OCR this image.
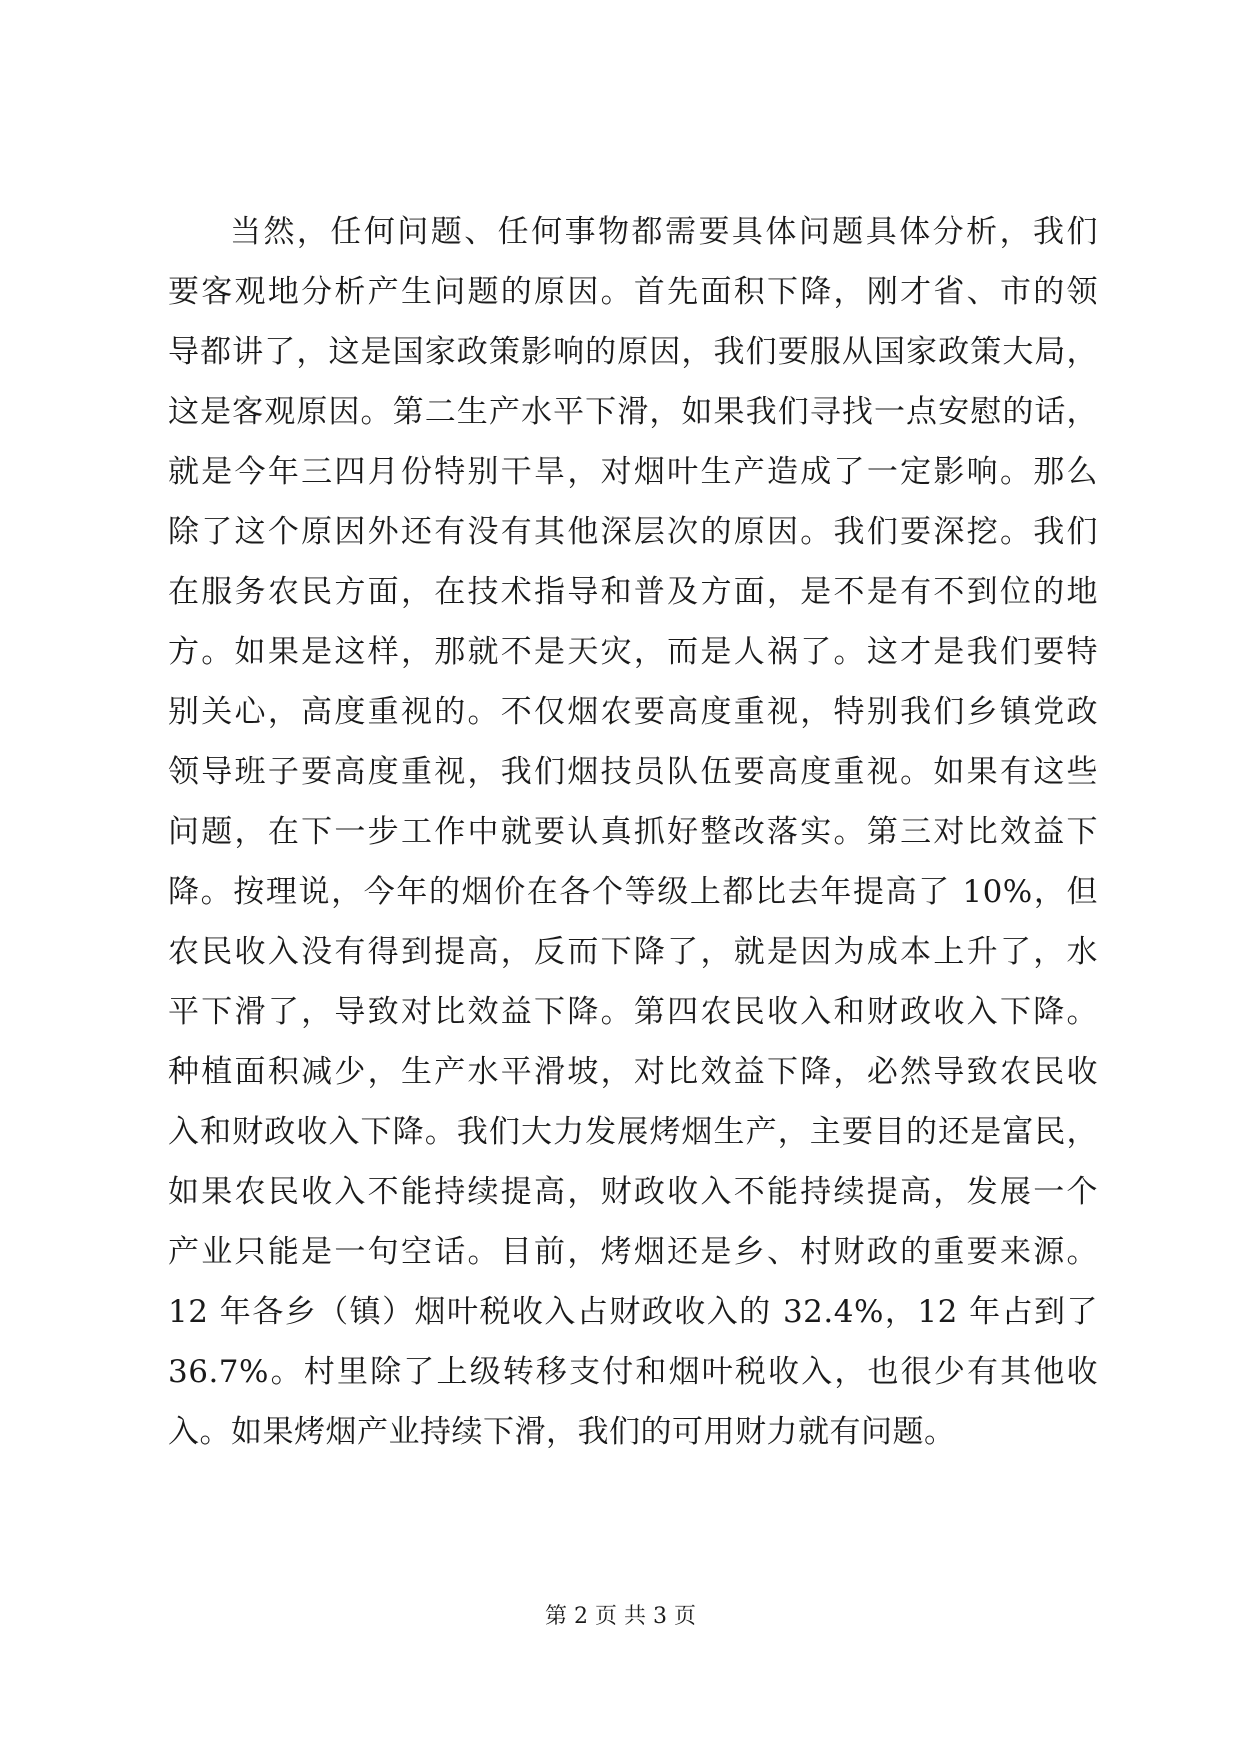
当然，任何问题、任何事物都需要具体问题具体分析，我们
要客观地分析产生问题的原因。首先面积下降，刚才省、市的领
导都讲了，这是国家政策影响的原因，我们要服从国家政策大局，
这是客观原因。第二生产水平下滑，如果我们寻找一点安慰的话，
就是今年三四月份特别干旱，对烟叶生产造成了一定影响。那么
除了这个原因外还有没有其他深层次的原因。我们要深挖。我们
在服务农民方面，在技术指导和普及方面，是不是有不到位的地
方。如果是这样，那就不是天灾，而是人祸了。这才是我们要特
别关心，高度重视的。不仅烟农要高度重视，特别我们乡镇党政
领导班子要高度重视，我们烟技员队伍要高度重视。如果有这些
问题，在下一步工作中就要认真抓好整改落实。第三对比效益下
降。按理说，今年的烟价在各个等级上都比去年提高了 10%，但
农民收入没有得到提高，反而下降了，就是因为成本上升了，水
平下滑了，导致对比效益下降。第四农民收入和财政收入下降。
种植面积减少，生产水平滑坡，对比效益下降，必然导致农民收
入和财政收入下降。我们大力发展烤烟生产，主要目的还是富民，
如果农民收入不能持续提高，财政收入不能持续提高，发展一个
产业只能是一句空话。目前，烤烟还是乡、村财政的重要来源。
12 年各乡（镇）烟叶税收入占财政收入的 32.4%，12 年占到了
36.7%。村里除了上级转移支付和烟叶税收入，也很少有其他收
入。如果烤烟产业持续下滑，我们的可用财力就有问题。
第 2 页 共 3 页
